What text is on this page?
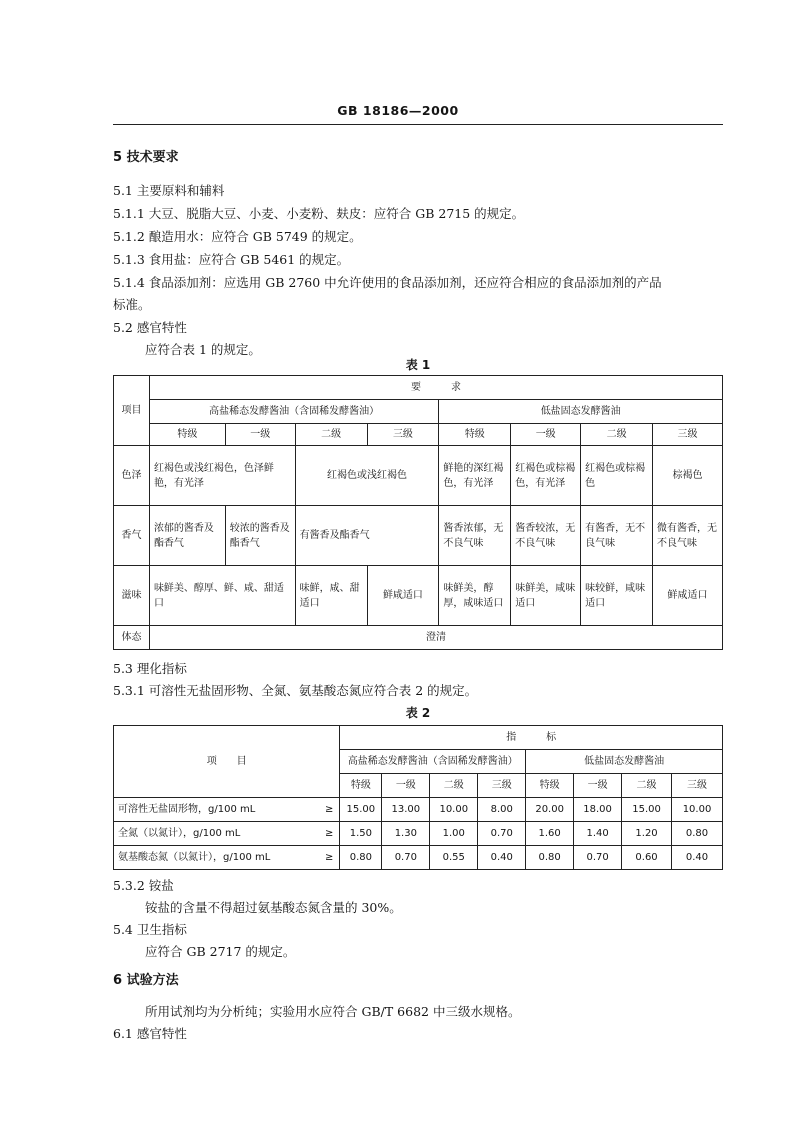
GB 18186—2000
5 技术要求
5.1 主要原料和辅料
5.1.1 大豆、脱脂大豆、小麦、小麦粉、麸皮：应符合 GB 2715 的规定。
5.1.2 酿造用水：应符合 GB 5749 的规定。
5.1.3 食用盐：应符合 GB 5461 的规定。
5.1.4 食品添加剂：应选用 GB 2760 中允许使用的食品添加剂，还应符合相应的食品添加剂的产品
标准。
5.2 感官特性
应符合表 1 的规定。
表 1
项目	要　　　求							
	高盐稀态发酵酱油（含固稀发酵酱油）				低盐固态发酵酱油			
	特级	一级	二级	三级	特级	一级	二级	三级
色泽	红褐色或浅红褐色，色泽鲜艳，有光泽		红褐色或浅红褐色		鲜艳的深红褐色，有光泽	红褐色或棕褐色，有光泽	红褐色或棕褐色	棕褐色
香气	浓郁的酱香及酯香气	较浓的酱香及酯香气	有酱香及酯香气		酱香浓郁，无不良气味	酱香较浓，无不良气味	有酱香，无不良气味	微有酱香，无不良气味
滋味	味鲜美、醇厚、鲜、咸、甜适口		味鲜，咸、甜适口	鲜咸适口	味鲜美，醇厚，咸味适口	味鲜美，咸味适口	味较鲜，咸味适口	鲜咸适口
体态	澄清							
5.3 理化指标
5.3.1 可溶性无盐固形物、全氮、氨基酸态氮应符合表 2 的规定。
表 2
项　　目	指　　　标							
	高盐稀态发酵酱油（含固稀发酵酱油）				低盐固态发酵酱油			
	特级	一级	二级	三级	特级	一级	二级	三级
可溶性无盐固形物，g/100 mL ≥	15.00	13.00	10.00	8.00	20.00	18.00	15.00	10.00
全氮（以氮计），g/100 mL ≥	1.50	1.30	1.00	0.70	1.60	1.40	1.20	0.80
氨基酸态氮（以氮计），g/100 mL ≥	0.80	0.70	0.55	0.40	0.80	0.70	0.60	0.40
5.3.2 铵盐
铵盐的含量不得超过氨基酸态氮含量的 30%。
5.4 卫生指标
应符合 GB 2717 的规定。
6 试验方法
所用试剂均为分析纯；实验用水应符合 GB/T 6682 中三级水规格。
6.1 感官特性
